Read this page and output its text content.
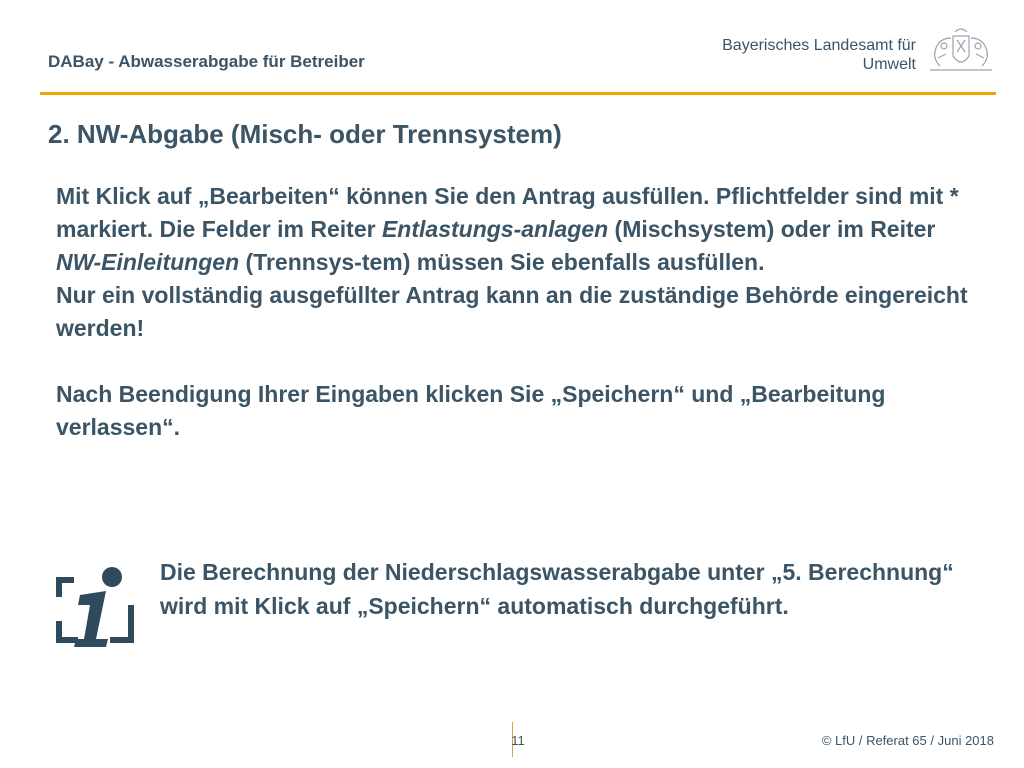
DABay - Abwasserabgabe für Betreiber
Bayerisches Landesamt für
Umwelt
2. NW-Abgabe (Misch- oder Trennsystem)

Mit Klick auf „Bearbeiten“ können Sie den Antrag ausfüllen. Pflichtfelder sind mit * markiert. Die Felder im Reiter Entlastungs-anlagen (Mischsystem) oder im Reiter NW-Einleitungen (Trennsys-tem) müssen Sie ebenfalls ausfüllen.

Nur ein vollständig ausgefüllter Antrag kann an die zuständige Behörde eingereicht werden!

Nach Beendigung Ihrer Eingaben klicken Sie „Speichern“ und „Bearbeitung verlassen“.

Die Berechnung der Niederschlagswasserabgabe unter „5. Berechnung“ wird mit Klick auf „Speichern“ automatisch durchgeführt.
11	© LfU / Referat 65 / Juni 2018
